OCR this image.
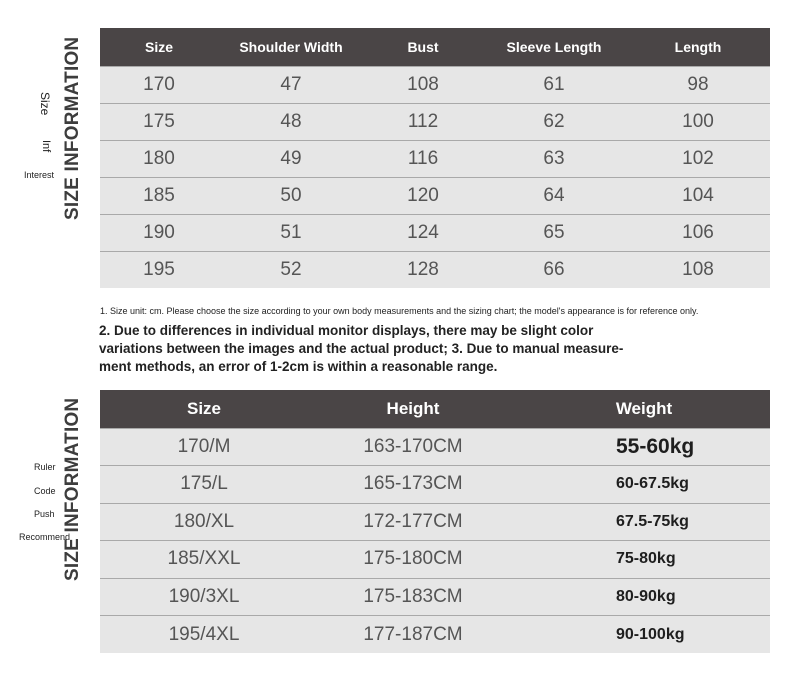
SIZE INFORMATION
SIZE INFORMATION
Size
Inf
Interest
Ruler
Code
Push
Recommend
Size	Shoulder Width	Bust	Sleeve Length	Length
170	47	108	61	98
175	48	112	62	100
180	49	116	63	102
185	50	120	64	104
190	51	124	65	106
195	52	128	66	108
1. Size unit: cm. Please choose the size according to your own body measurements and the sizing chart; the model's appearance is for reference only.
2. Due to differences in individual monitor displays, there may be slight color variations between the images and the actual product; 3. Due to manual measure- ment methods, an error of 1-2cm is within a reasonable range.
Size	Height	Weight
170/M	163-170CM	55-60kg
175/L	165-173CM	60-67.5kg
180/XL	172-177CM	67.5-75kg
185/XXL	175-180CM	75-80kg
190/3XL	175-183CM	80-90kg
195/4XL	177-187CM	90-100kg
